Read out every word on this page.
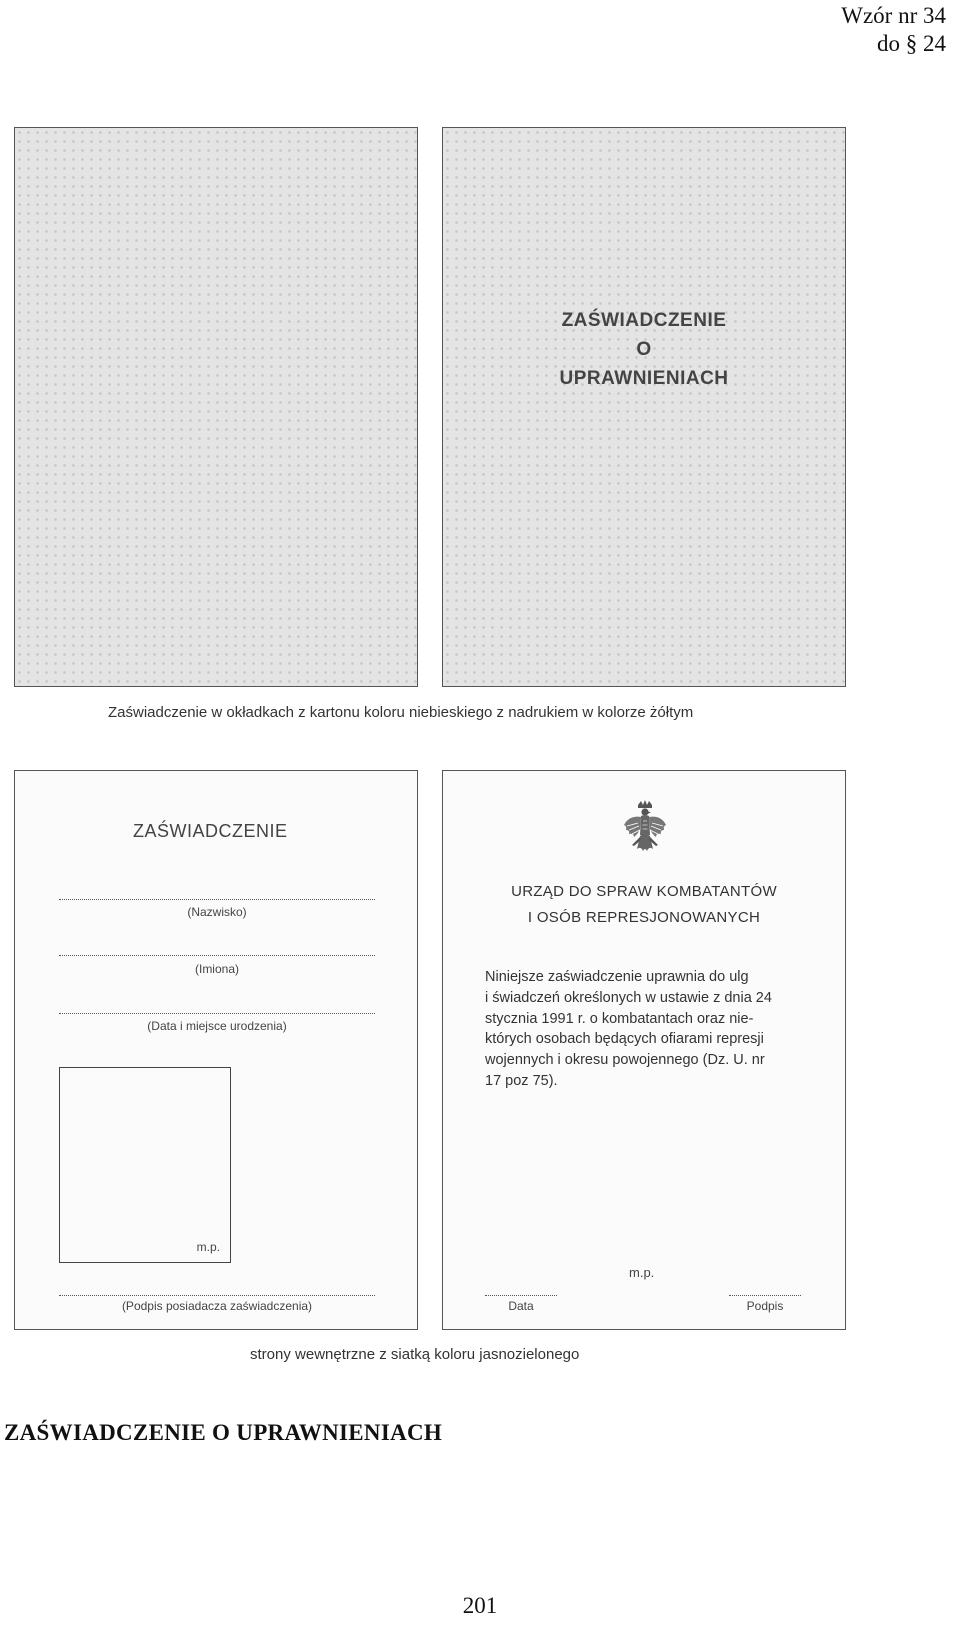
Wzór nr 34
do § 24
ZAŚWIADCZENIE
O
UPRAWNIENIACH
Zaświadczenie w okładkach z kartonu koloru niebieskiego z nadrukiem w kolorze żółtym
ZAŚWIADCZENIE
(Nazwisko)
(Imiona)
(Data i miejsce urodzenia)
m.p.
(Podpis posiadacza zaświadczenia)
URZĄD DO SPRAW KOMBATANTÓW
I OSÓB REPRESJONOWANYCH
Niniejsze zaświadczenie uprawnia do ulg
i świadczeń określonych w ustawie z dnia 24
stycznia 1991 r. o kombatantach oraz nie-
których osobach będących ofiarami represji
wojennych i okresu powojennego (Dz. U. nr
17 poz 75).
m.p.
Data	Podpis
strony wewnętrzne z siatką koloru jasnozielonego
ZAŚWIADCZENIE O UPRAWNIENIACH
201
